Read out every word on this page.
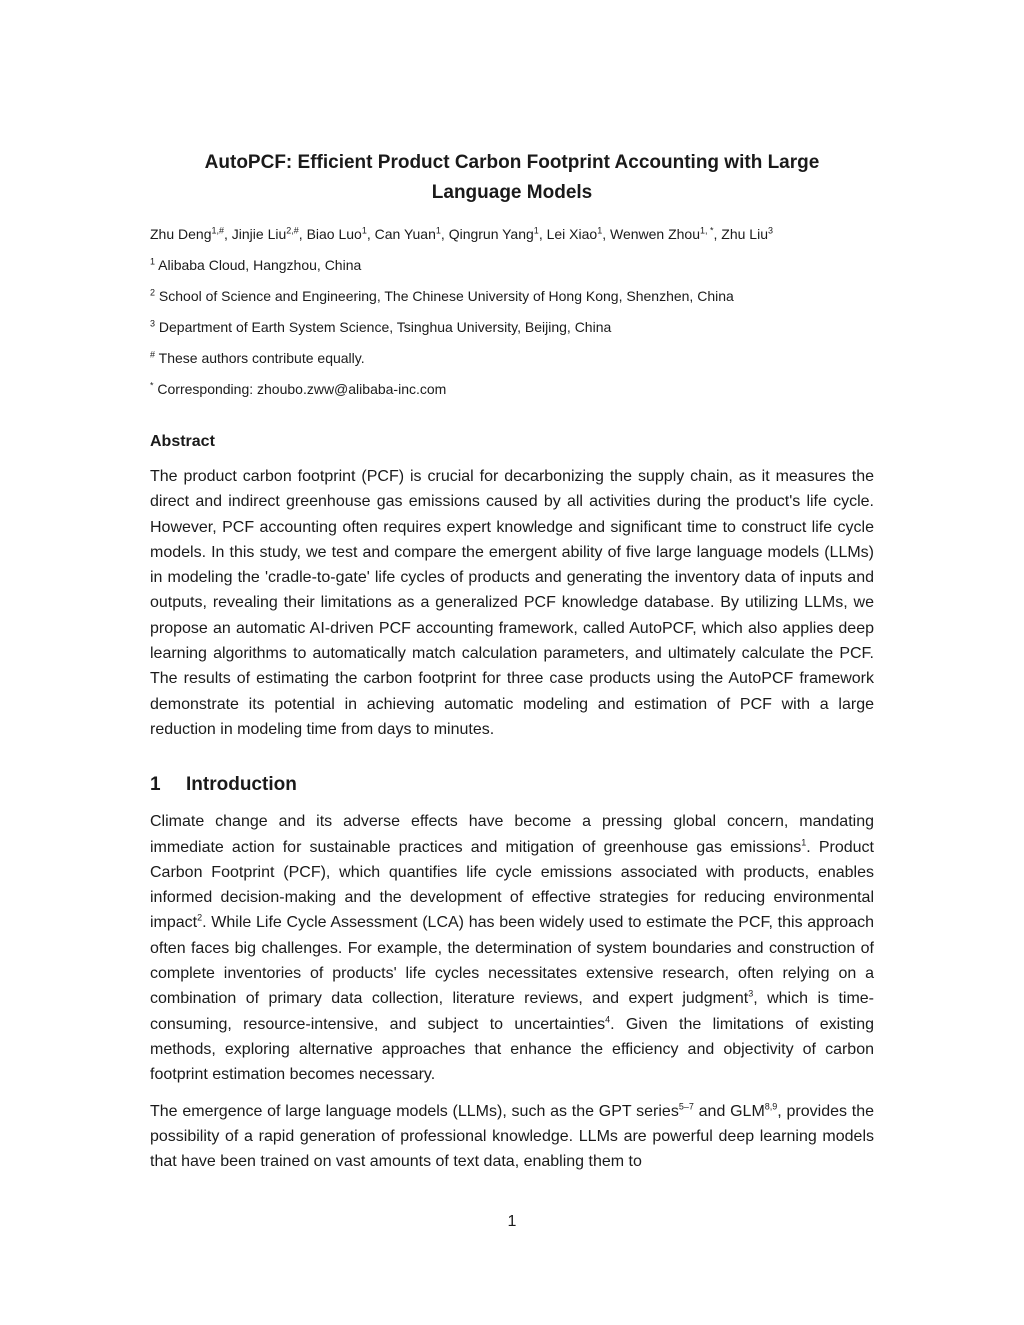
AutoPCF: Efficient Product Carbon Footprint Accounting with Large
Language Models
Zhu Deng$^{1,\#}$, Jinjie Liu$^{2,\#}$, Biao Luo$^1$, Can Yuan$^1$, Qingrun Yang$^1$, Lei Xiao$^1$, Wenwen Zhou$^{1, *}$, Zhu Liu$^3$
$^1$ Alibaba Cloud, Hangzhou, China
$^2$ School of Science and Engineering, The Chinese University of Hong Kong, Shenzhen, China
$^3$ Department of Earth System Science, Tsinghua University, Beijing, China
# These authors contribute equally.
* Corresponding: zhoubo.zww@alibaba-inc.com
Abstract
The product carbon footprint (PCF) is crucial for decarbonizing the supply chain, as it measures the direct and indirect greenhouse gas emissions caused by all activities during the product's life cycle. However, PCF accounting often requires expert knowledge and significant time to construct life cycle models. In this study, we test and compare the emergent ability of five large language models (LLMs) in modeling the 'cradle-to-gate' life cycles of products and generating the inventory data of inputs and outputs, revealing their limitations as a generalized PCF knowledge database. By utilizing LLMs, we propose an automatic AI-driven PCF accounting framework, called AutoPCF, which also applies deep learning algorithms to automatically match calculation parameters, and ultimately calculate the PCF. The results of estimating the carbon footprint for three case products using the AutoPCF framework demonstrate its potential in achieving automatic modeling and estimation of PCF with a large reduction in modeling time from days to minutes.
1 Introduction
Climate change and its adverse effects have become a pressing global concern, mandating immediate action for sustainable practices and mitigation of greenhouse gas emissions$^1$. Product Carbon Footprint (PCF), which quantifies life cycle emissions associated with products, enables informed decision-making and the development of effective strategies for reducing environmental impact$^2$. While Life Cycle Assessment (LCA) has been widely used to estimate the PCF, this approach often faces big challenges. For example, the determination of system boundaries and construction of complete inventories of products' life cycles necessitates extensive research, often relying on a combination of primary data collection, literature reviews, and expert judgment$^3$, which is time-consuming, resource-intensive, and subject to uncertainties$^4$. Given the limitations of existing methods, exploring alternative approaches that enhance the efficiency and objectivity of carbon footprint estimation becomes necessary.
The emergence of large language models (LLMs), such as the GPT series$^{5-7}$ and GLM$^{8,9}$, provides the possibility of a rapid generation of professional knowledge. LLMs are powerful deep learning models that have been trained on vast amounts of text data, enabling them to
1
